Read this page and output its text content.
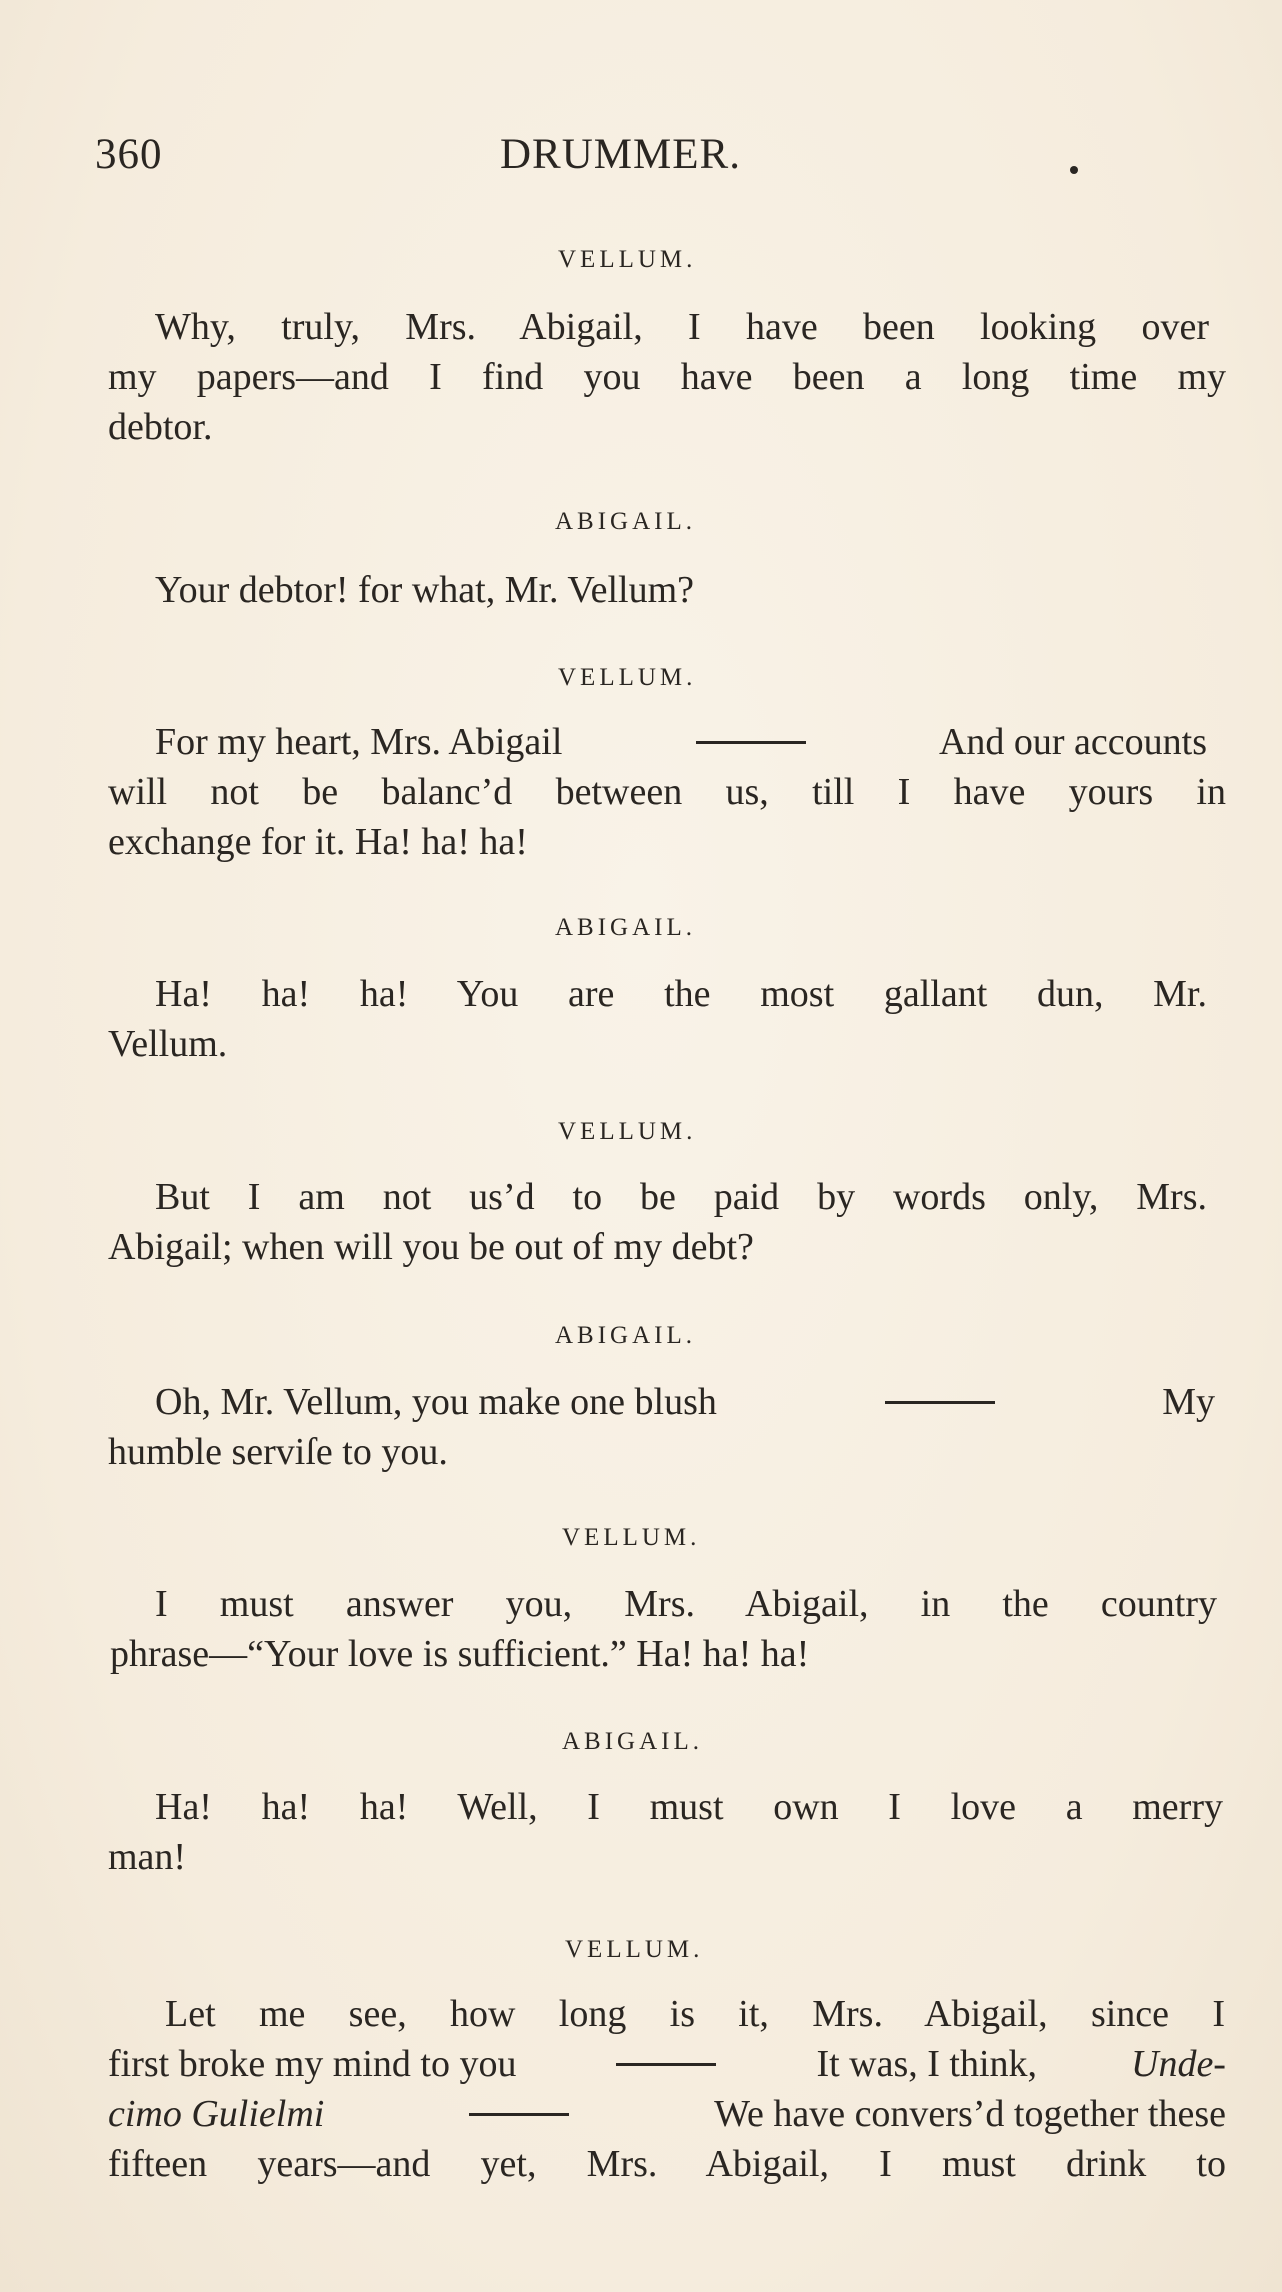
360	DRUMMER.
VELLUM.
Why, truly, Mrs. Abigail, I have been looking over
my papers—and I find you have been a long time my
debtor.
ABIGAIL.
Your debtor! for what, Mr. Vellum?
VELLUM.
For my heart, Mrs. Abigail	And our accounts
will not be balanc’d between us, till I have yours in
exchange for it. Ha! ha! ha!
ABIGAIL.
Ha! ha! ha! You are the most gallant dun, Mr.
Vellum.
VELLUM.
But I am not us’d to be paid by words only, Mrs.
Abigail; when will you be out of my debt?
ABIGAIL.
Oh, Mr. Vellum, you make one blush	My
humble serviſe to you.
VELLUM.
I must answer you, Mrs. Abigail, in the country
phrase—“Your love is sufficient.” Ha! ha! ha!
ABIGAIL.
Ha! ha! ha! Well, I must own I love a merry
man!
VELLUM.
Let me see, how long is it, Mrs. Abigail, since I
first broke my mind to you	It was, I think, Unde-
cimo Gulielmi	We have convers’d together these
fifteen years—and yet, Mrs. Abigail, I must drink to
